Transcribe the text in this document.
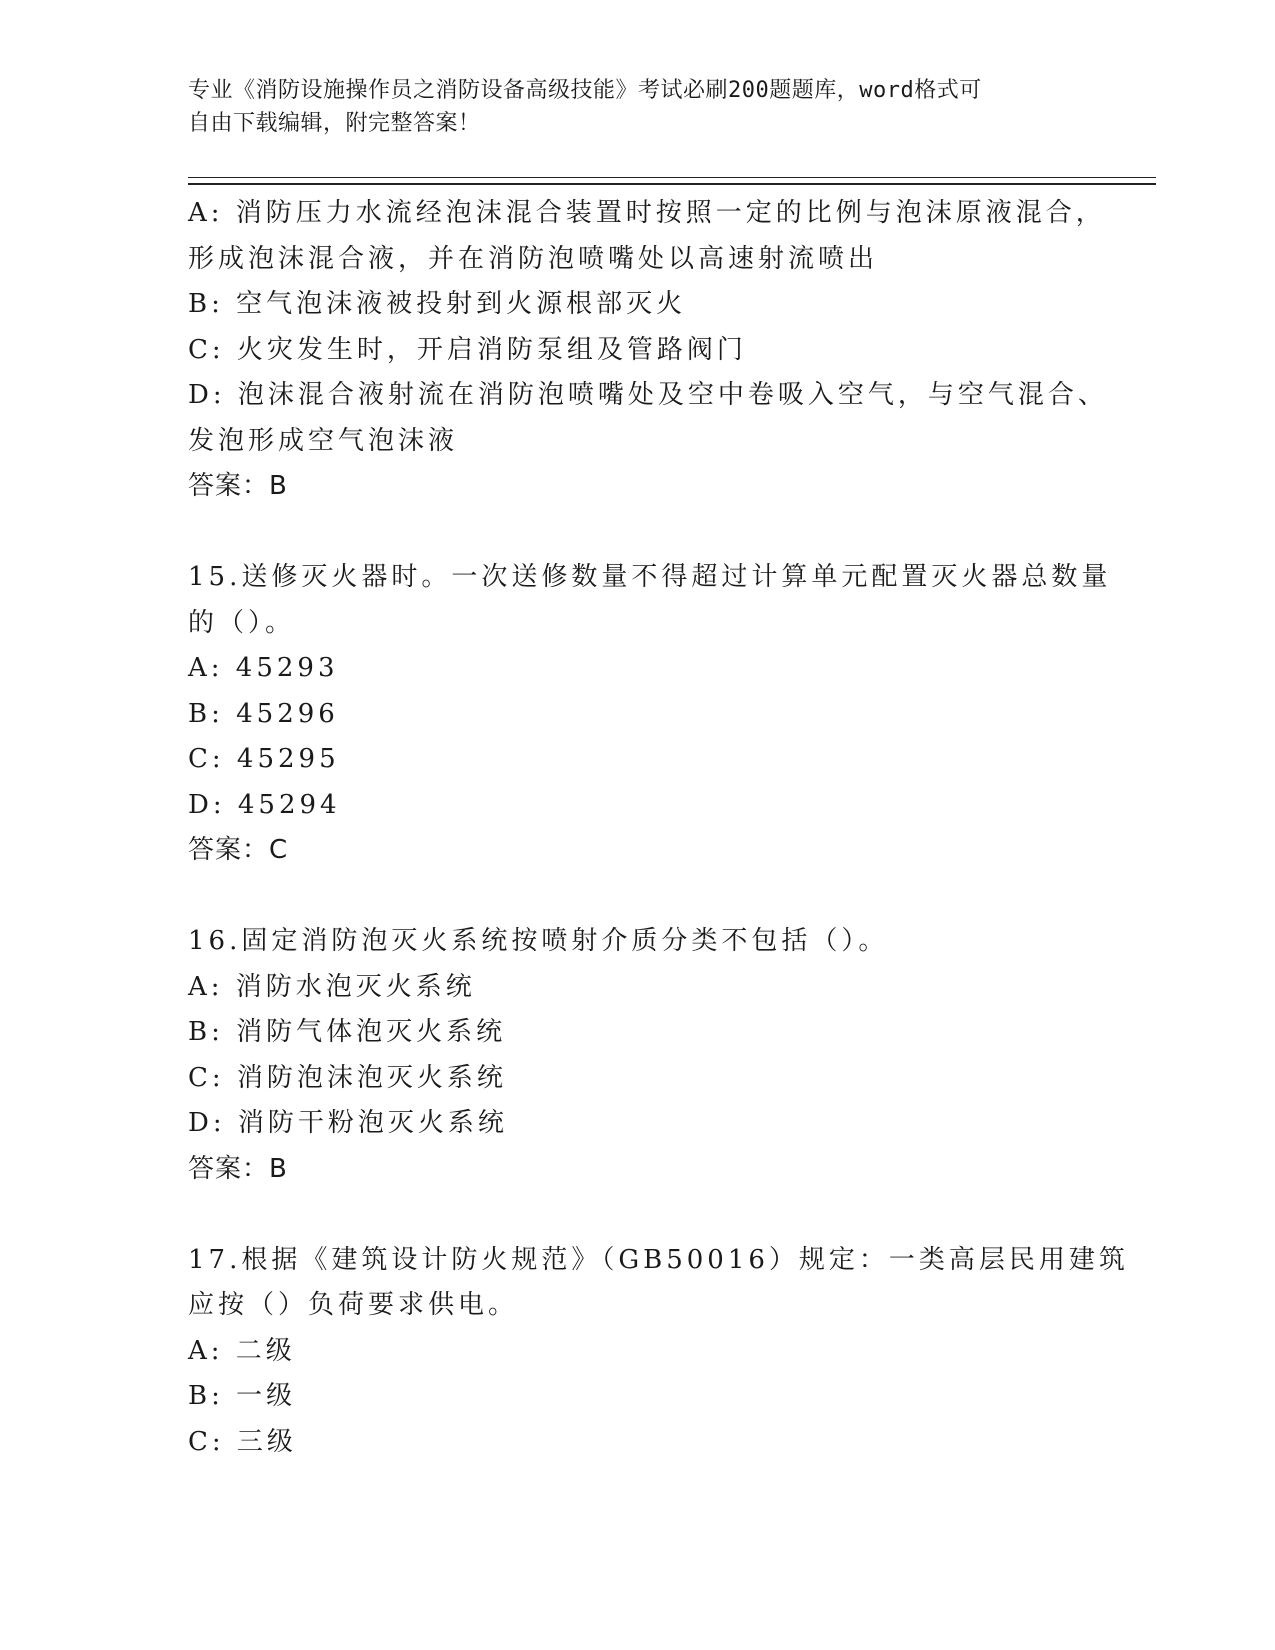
专业《消防设施操作员之消防设备高级技能》考试必刷200题题库，word格式可
自由下载编辑，附完整答案！
A: 消防压力水流经泡沫混合装置时按照一定的比例与泡沫原液混合，
形成泡沫混合液，并在消防泡喷嘴处以高速射流喷出
B: 空气泡沫液被投射到火源根部灭火
C: 火灾发生时，开启消防泵组及管路阀门
D: 泡沫混合液射流在消防泡喷嘴处及空中卷吸入空气，与空气混合、
发泡形成空气泡沫液
答案：B
15.送修灭火器时。一次送修数量不得超过计算单元配置灭火器总数量
的（）。
A: 45293
B: 45296
C: 45295
D: 45294
答案：C
16.固定消防泡灭火系统按喷射介质分类不包括（）。
A: 消防水泡灭火系统
B: 消防气体泡灭火系统
C: 消防泡沫泡灭火系统
D: 消防干粉泡灭火系统
答案：B
17.根据《建筑设计防火规范》（GB50016）规定：一类高层民用建筑
应按（）负荷要求供电。
A: 二级
B: 一级
C: 三级
